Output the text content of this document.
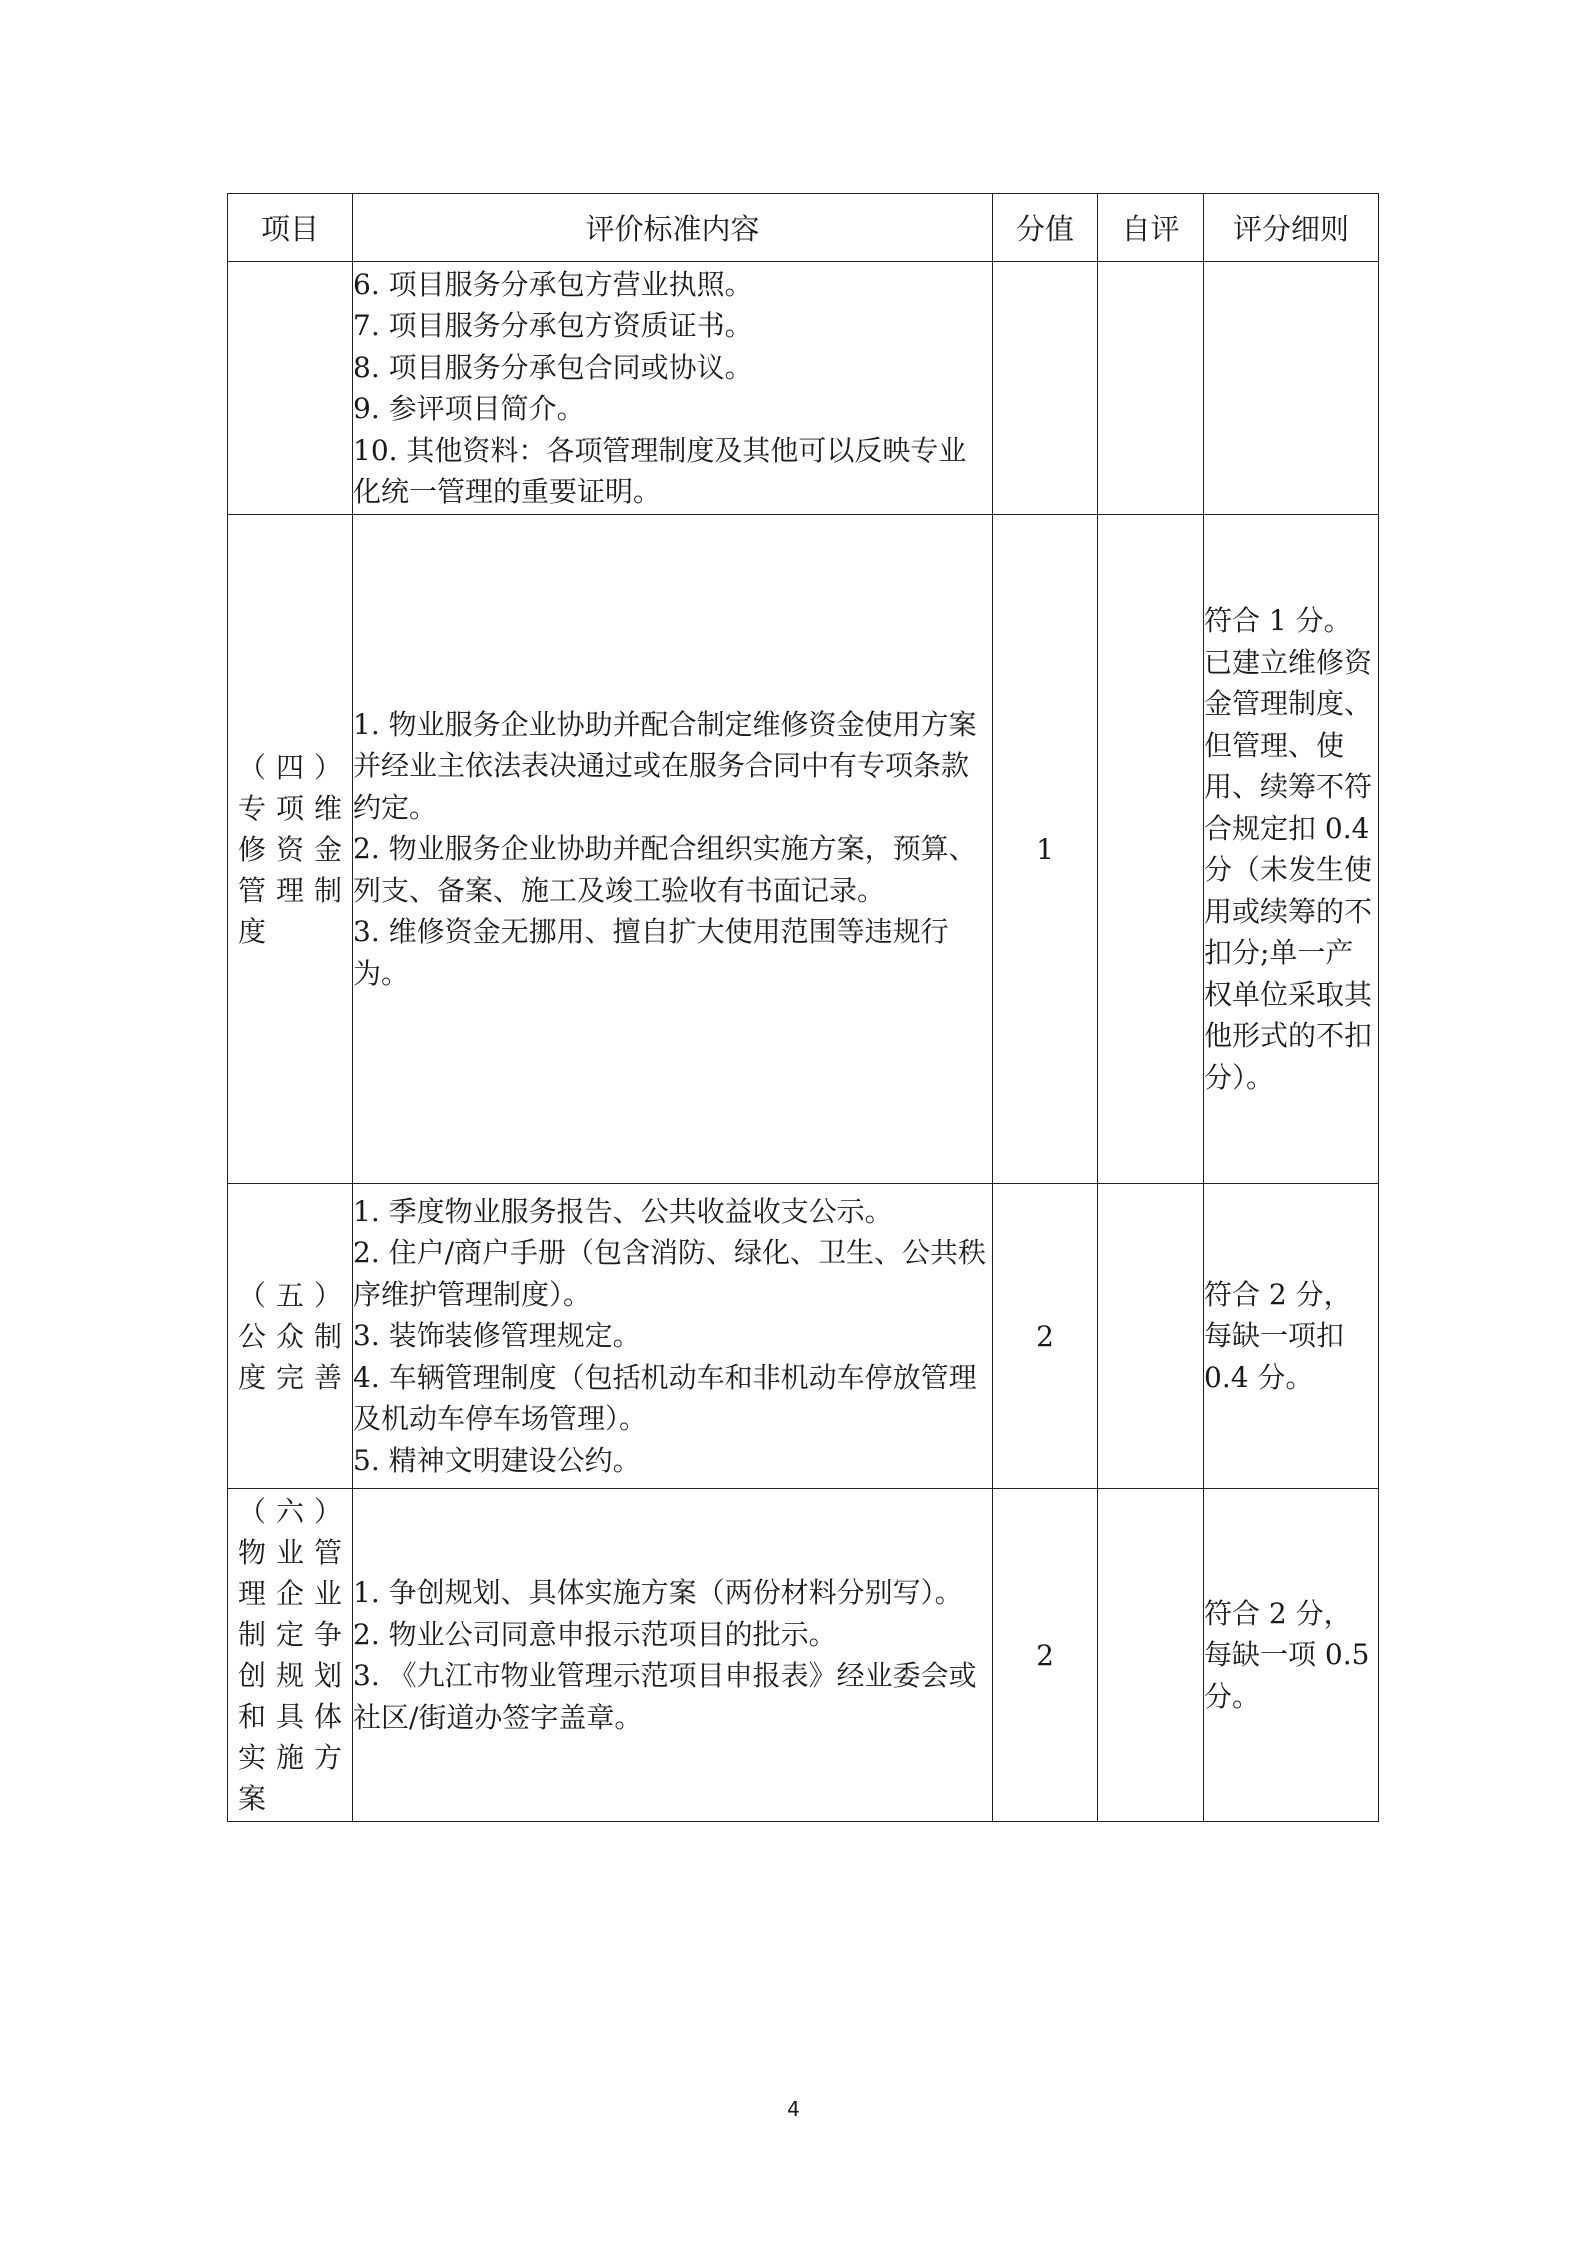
项目	评价标准内容	分值	自评	评分细则

	6. 项目服务分承包方营业执照。
7. 项目服务分承包方资质证书。
8. 项目服务分承包合同或协议。
9. 参评项目简介。
10. 其他资料：各项管理制度及其他可以反映专业化统一管理的重要证明。			

（四）专项维修资金管理制度	1. 物业服务企业协助并配合制定维修资金使用方案并经业主依法表决通过或在服务合同中有专项条款约定。
2. 物业服务企业协助并配合组织实施方案，预算、列支、备案、施工及竣工验收有书面记录。
3. 维修资金无挪用、擅自扩大使用范围等违规行为。	1		符合 1 分。已建立维修资金管理制度、但管理、使用、续筹不符合规定扣 0.4 分（未发生使用或续筹的不扣分;单一产权单位采取其他形式的不扣分）。
（五）公众制度完善	1. 季度物业服务报告、公共收益收支公示。
2. 住户/商户手册（包含消防、绿化、卫生、公共秩序维护管理制度）。
3. 装饰装修管理规定。
4. 车辆管理制度（包括机动车和非机动车停放管理及机动车停车场管理）。
5. 精神文明建设公约。	2		符合 2 分，每缺一项扣 0.4 分。
（六）物业管理企业制定争创规划和具体实施方案	1. 争创规划、具体实施方案（两份材料分别写）。
2. 物业公司同意申报示范项目的批示。
3. 《九江市物业管理示范项目申报表》经业委会或社区/街道办签字盖章。	2		符合 2 分，每缺一项 0.5 分。
4
